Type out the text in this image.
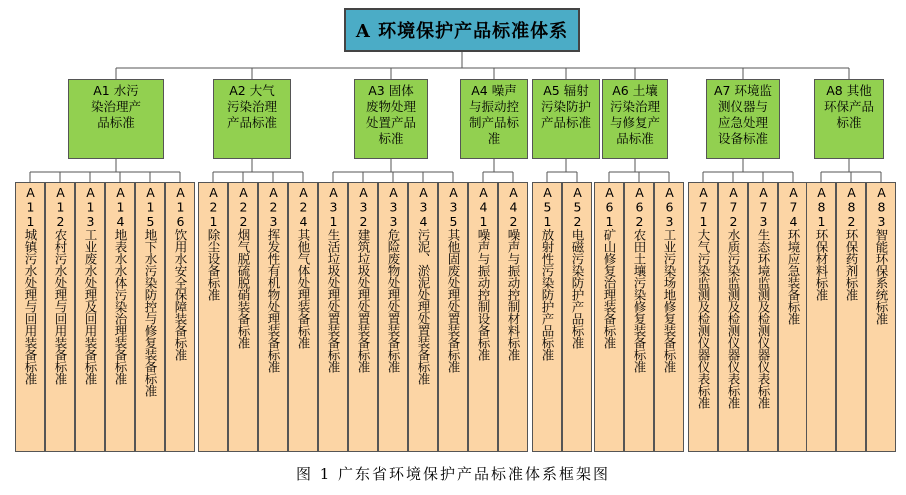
A 环境保护产品标准体系
A1 水污
染治理产
品标准
A11城镇污水处理与回用装备标准 A12农村污水处理与回用装备标准 A13工业废水处理及回用装备标准 A14地表水水体污染治理装备标准 A15地下水污染防控与修复装备标准 A16饮用水安全保障装备标准
A2 大气
污染治理
产品标准
A21除尘设备标准 A22烟气脱硫脱硝装备标准 A23挥发性有机物处理装备标准 A24其他气体处理装备标准
A3 固体
废物处理
处置产品
标准
A31生活垃圾处理处置装备标准 A32建筑垃圾处理处置装备标准 A33危险废物处理处置装备标准 A34污泥、淤泥处理处置装备标准 A35其他固废处理处置装备标准
A4 噪声
与振动控
制产品标
准
A41噪声与振动控制设备标准 A42噪声与振动控制材料标准
A5 辐射
污染防护
产品标准
A51放射性污染防护产品标准 A52电磁污染防护产品标准
A6 土壤
污染治理
与修复产
品标准
A61矿山修复治理装备标准 A62农田土壤污染修复装备标准 A63工业污染场地修复装备标准
A7 环境监
测仪器与
应急处理
设备标准
A71大气污染监测及检测仪器仪表标准 A72水质污染监测及检测仪器仪表标准 A73生态环境监测及检测仪器仪表标准 A74环境应急装备标准
A8 其他
环保产品
标准
A81环保材料标准 A82环保药剂标准 A83智能环保系统标准
图 1 广东省环境保护产品标准体系框架图
